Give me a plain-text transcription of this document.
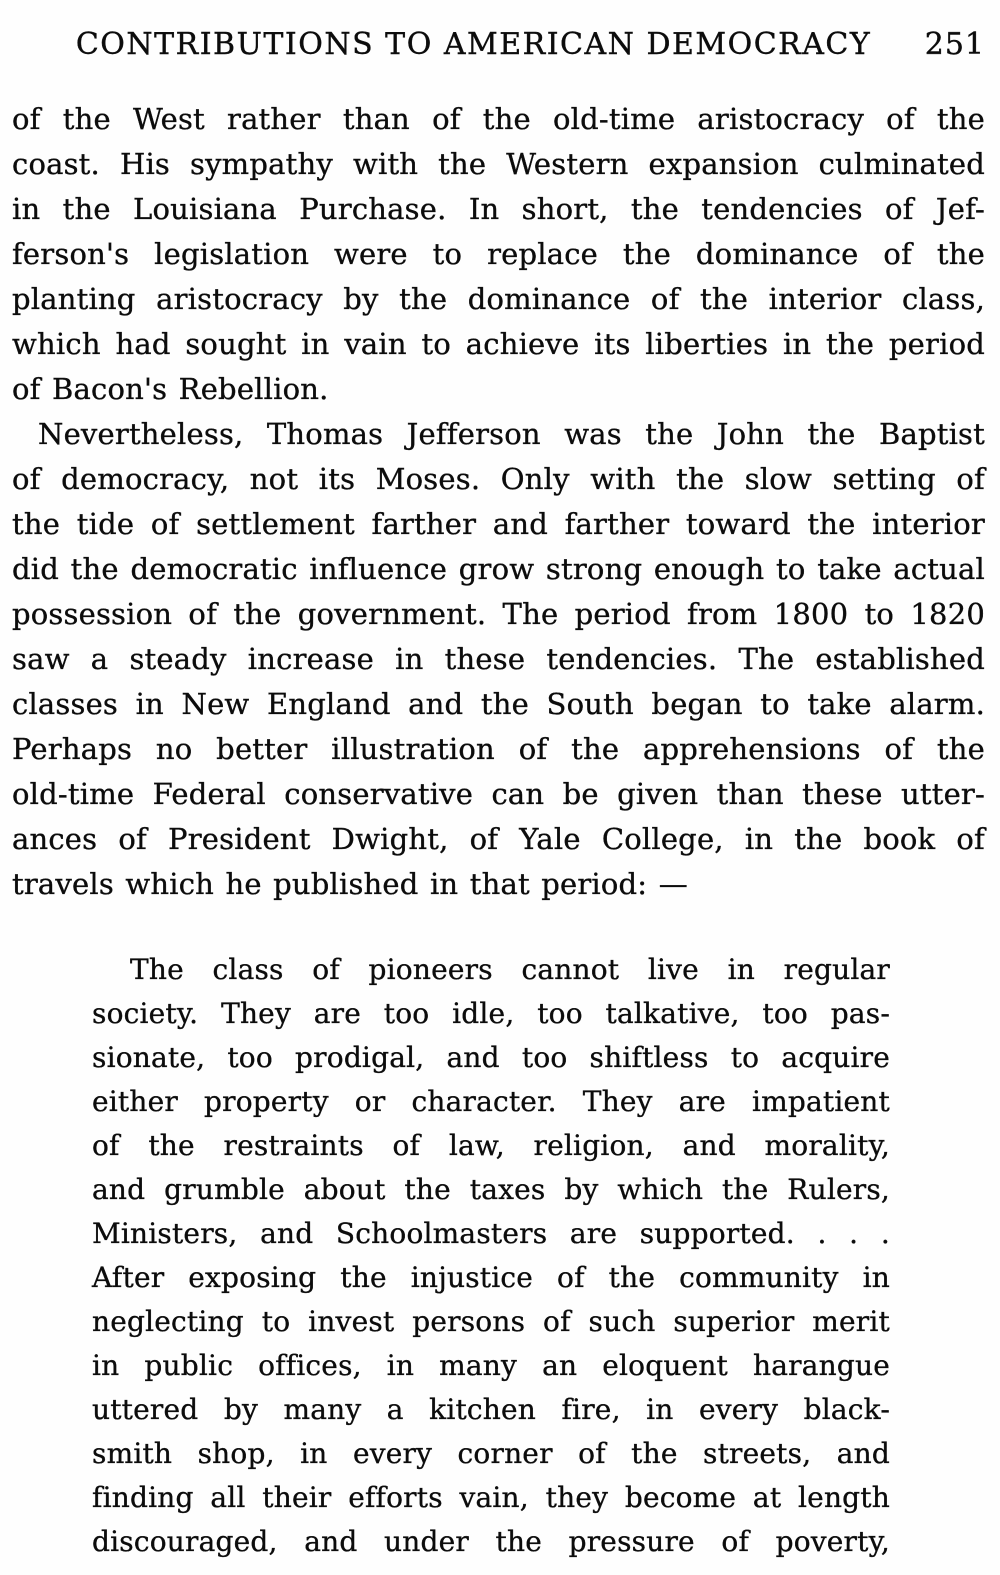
CONTRIBUTIONS TO AMERICAN DEMOCRACY 251
of the West rather than of the old-time aristocracy of the
coast. His sympathy with the Western expansion culminated
in the Louisiana Purchase. In short, the tendencies of Jef-
ferson's legislation were to replace the dominance of the
planting aristocracy by the dominance of the interior class,
which had sought in vain to achieve its liberties in the period
of Bacon's Rebellion.
Nevertheless, Thomas Jefferson was the John the Baptist
of democracy, not its Moses. Only with the slow setting of
the tide of settlement farther and farther toward the interior
did the democratic influence grow strong enough to take actual
possession of the government. The period from 1800 to 1820
saw a steady increase in these tendencies. The established
classes in New England and the South began to take alarm.
Perhaps no better illustration of the apprehensions of the
old-time Federal conservative can be given than these utter-
ances of President Dwight, of Yale College, in the book of
travels which he published in that period: —
The class of pioneers cannot live in regular
society. They are too idle, too talkative, too pas-
sionate, too prodigal, and too shiftless to acquire
either property or character. They are impatient
of the restraints of law, religion, and morality,
and grumble about the taxes by which the Rulers,
Ministers, and Schoolmasters are supported. . . .
After exposing the injustice of the community in
neglecting to invest persons of such superior merit
in public offices, in many an eloquent harangue
uttered by many a kitchen fire, in every black-
smith shop, in every corner of the streets, and
finding all their efforts vain, they become at length
discouraged, and under the pressure of poverty,
